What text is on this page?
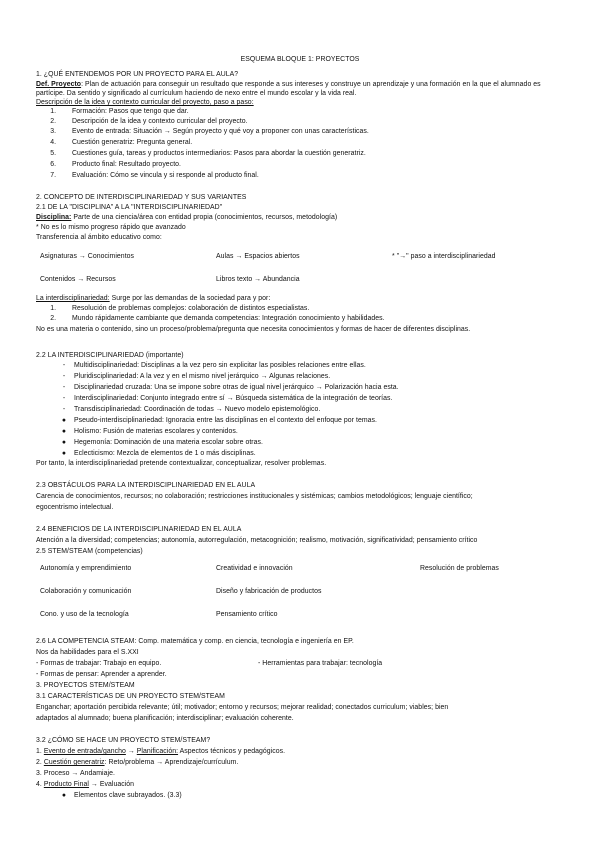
ESQUEMA BLOQUE 1: PROYECTOS
1. ¿QUÉ ENTENDEMOS POR UN PROYECTO PARA EL AULA?
Def. Proyecto: Plan de actuación para conseguir un resultado que responde a sus intereses y construye un aprendizaje y una formación en la que el alumnado es partícipe. Da sentido y significado al currículum haciendo de nexo entre el mundo escolar y la vida real.
Descripción de la idea y contexto curricular del proyecto, paso a paso:
1. Formación: Pasos que tengo que dar.
2. Descripción de la idea y contexto curricular del proyecto.
3. Evento de entrada: Situación → Según proyecto y qué voy a proponer con unas características.
4. Cuestión generatriz: Pregunta general.
5. Cuestiones guía, tareas y productos intermediarios: Pasos para abordar la cuestión generatriz.
6. Producto final: Resultado proyecto.
7. Evaluación: Cómo se vincula y si responde al producto final.
2. CONCEPTO DE INTERDISCIPLINARIEDAD Y SUS VARIANTES
2.1 DE LA "DISCIPLINA" A LA "INTERDISCIPLINARIEDAD"
Disciplina: Parte de una ciencia/área con entidad propia (conocimientos, recursos, metodología)
* No es lo mismo progreso rápido que avanzado
Transferencia al ámbito educativo como:
Asignaturas → Conocimientos	Aulas → Espacios abiertos	* "→" paso a interdisciplinariedad
Contenidos → Recursos	Libros texto → Abundancia
La interdisciplinariedad: Surge por las demandas de la sociedad para y por:
1. Resolución de problemas complejos: colaboración de distintos especialistas.
2. Mundo rápidamente cambiante que demanda competencias: Integración conocimiento y habilidades.
No es una materia o contenido, sino un proceso/problema/pregunta que necesita conocimientos y formas de hacer de diferentes disciplinas.
2.2 LA INTERDISCIPLINARIEDAD (importante)
-	Multidisciplinariedad: Disciplinas a la vez pero sin explicitar las posibles relaciones entre ellas.
-	Pluridisciplinariedad: A la vez y en el mismo nivel jerárquico → Algunas relaciones.
-	Disciplinariedad cruzada: Una se impone sobre otras de igual nivel jerárquico → Polarización hacia esta.
-	Interdisciplinariedad: Conjunto integrado entre sí → Búsqueda sistemática de la integración de teorías.
-	Transdisciplinariedad: Coordinación de todas → Nuevo modelo epistemológico.
● Pseudo-interdisciplinariedad: Ignoracia entre las disciplinas en el contexto del enfoque por temas.
● Holismo: Fusión de materias escolares y contenidos.
● Hegemonía: Dominación de una materia escolar sobre otras.
● Eclecticismo: Mezcla de elementos de 1 o más disciplinas.
Por tanto, la interdisciplinariedad pretende contextualizar, conceptualizar, resolver problemas.
2.3 OBSTÁCULOS PARA LA INTERDISCIPLINARIEDAD EN EL AULA
Carencia de conocimientos, recursos; no colaboración; restricciones institucionales y sistémicas; cambios metodológicos; lenguaje científico;
egocentrismo intelectual.
2.4 BENEFICIOS DE LA INTERDISCIPLINARIEDAD EN EL AULA
Atención a la diversidad; competencias; autonomía, autorregulación, metacognición; realismo, motivación, significatividad; pensamiento crítico
2.5 STEM/STEAM (competencias)
Autonomía y emprendimiento	Creatividad e innovación	Resolución de problemas
Colaboración y comunicación	Diseño y fabricación de productos
Cono. y uso de la tecnología	Pensamiento crítico
2.6 LA COMPETENCIA STEAM: Comp. matemática y comp. en ciencia, tecnología e ingeniería en EP.
Nos da habilidades para el S.XXI
- Formas de trabajar: Trabajo en equipo.	- Herramientas para trabajar: tecnología
- Formas de pensar: Aprender a aprender.
3. PROYECTOS STEM/STEAM
3.1 CARACTERÍSTICAS DE UN PROYECTO STEM/STEAM
Enganchar; aportación percibida relevante; útil; motivador; entorno y recursos; mejorar realidad; conectados curriculum; viables; bien
adaptados al alumnado; buena planificación; interdisciplinar; evaluación coherente.
3.2 ¿CÓMO SE HACE UN PROYECTO STEM/STEAM?
1. Evento de entrada/gancho → Planificación: Aspectos técnicos y pedagógicos.
2. Cuestión generatriz: Reto/problema → Aprendizaje/currículum.
3. Proceso → Andamiaje.
4. Producto Final → Evaluación
● Elementos clave subrayados. (3.3)
